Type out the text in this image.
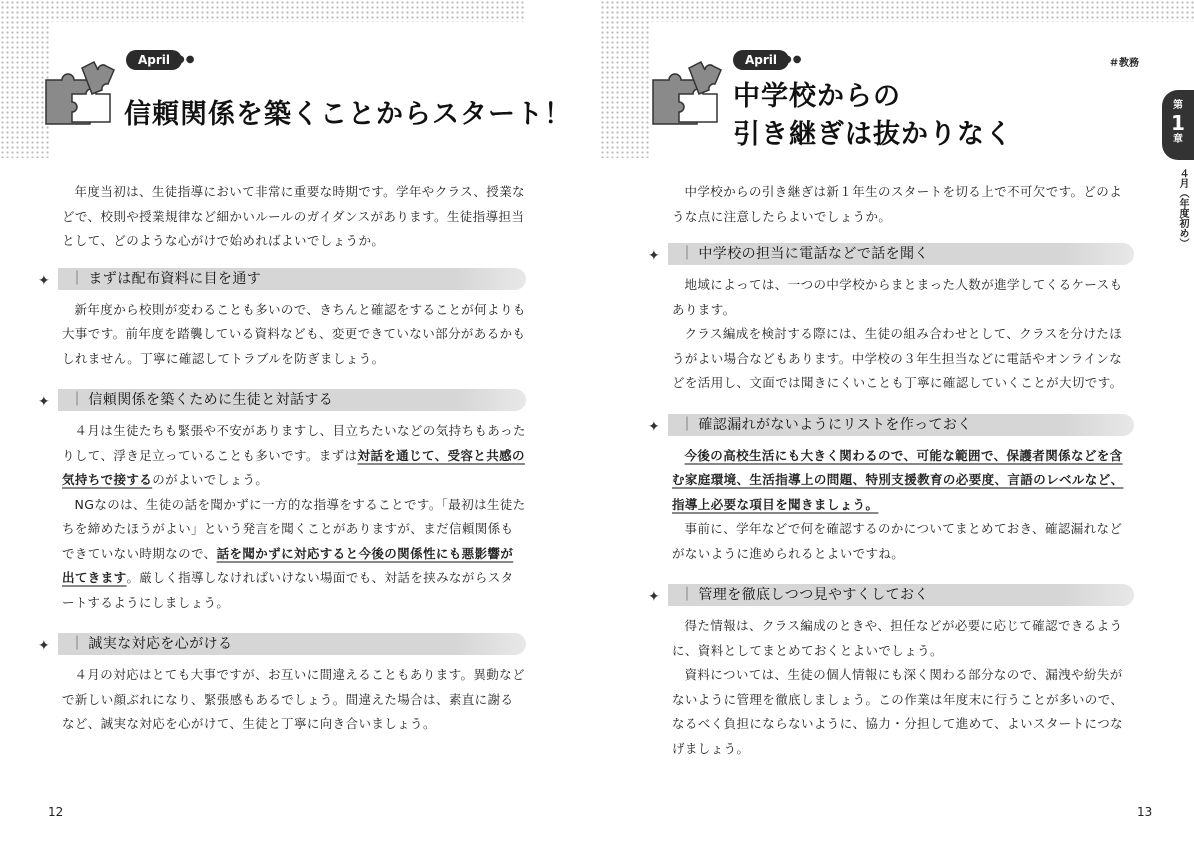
April ●●
信頼関係を築くことからスタート！

年度当初は、生徒指導において非常に重要な時期です。学年やクラス、授業などで、校則や授業規律など細かいルールのガイダンスがあります。生徒指導担当として、どのような心がけで始めればよいでしょうか。

✦	｜ まずは配布資料に目を通す

新年度から校則が変わることも多いので、きちんと確認をすることが何よりも大事です。前年度を踏襲している資料なども、変更できていない部分があるかもしれません。丁寧に確認してトラブルを防ぎましょう。

✦	｜ 信頼関係を築くために生徒と対話する

４月は生徒たちも緊張や不安がありますし、目立ちたいなどの気持ちもあったりして、浮き足立っていることも多いです。まずは対話を通じて、受容と共感の気持ちで接するのがよいでしょう。

NGなのは、生徒の話を聞かずに一方的な指導をすることです。「最初は生徒たちを締めたほうがよい」という発言を聞くことがありますが、まだ信頼関係もできていない時期なので、話を聞かずに対応すると今後の関係性にも悪影響が出てきます。厳しく指導しなければいけない場面でも、対話を挟みながらスタートするようにしましょう。

✦	｜ 誠実な対応を心がける

４月の対応はとても大事ですが、お互いに間違えることもあります。異動などで新しい顔ぶれになり、緊張感もあるでしょう。間違えた場合は、素直に謝るなど、誠実な対応を心がけて、生徒と丁寧に向き合いましょう。

12
April ●●	＃教務
中学校からの
引き継ぎは抜かりなく

中学校からの引き継ぎは新１年生のスタートを切る上で不可欠です。どのような点に注意したらよいでしょうか。

✦	｜ 中学校の担当に電話などで話を聞く

地域によっては、一つの中学校からまとまった人数が進学してくるケースもあります。

クラス編成を検討する際には、生徒の組み合わせとして、クラスを分けたほうがよい場合などもあります。中学校の３年生担当などに電話やオンラインなどを活用し、文面では聞きにくいことも丁寧に確認していくことが大切です。

✦	｜ 確認漏れがないようにリストを作っておく

今後の高校生活にも大きく関わるので、可能な範囲で、保護者関係などを含む家庭環境、生活指導上の問題、特別支援教育の必要度、言語のレベルなど、指導上必要な項目を聞きましょう。

事前に、学年などで何を確認するのかについてまとめておき、確認漏れなどがないように進められるとよいですね。

✦	｜ 管理を徹底しつつ見やすくしておく

得た情報は、クラス編成のときや、担任などが必要に応じて確認できるように、資料としてまとめておくとよいでしょう。

資料については、生徒の個人情報にも深く関わる部分なので、漏洩や紛失がないように管理を徹底しましょう。この作業は年度末に行うことが多いので、なるべく負担にならないように、協力・分担して進めて、よいスタートにつなげましょう。

13
第
1
章
４月（年度初め）
